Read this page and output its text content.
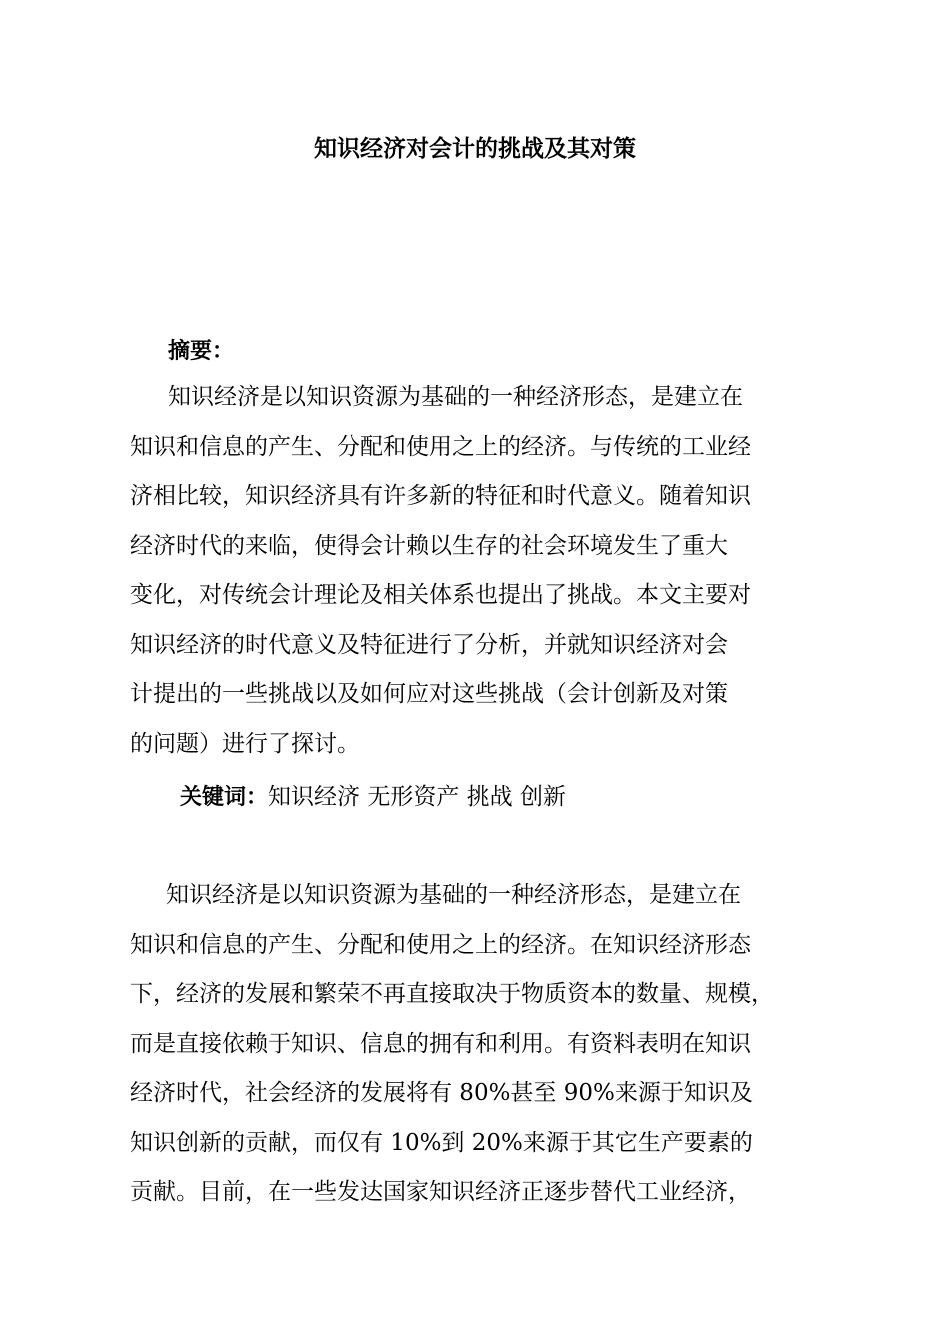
知识经济对会计的挑战及其对策
摘要：
知识经济是以知识资源为基础的一种经济形态，是建立在
知识和信息的产生、分配和使用之上的经济。与传统的工业经
济相比较，知识经济具有许多新的特征和时代意义。随着知识
经济时代的来临，使得会计赖以生存的社会环境发生了重大
变化，对传统会计理论及相关体系也提出了挑战。本文主要对
知识经济的时代意义及特征进行了分析，并就知识经济对会
计提出的一些挑战以及如何应对这些挑战（会计创新及对策
的问题）进行了探讨。
关键词：知识经济 无形资产 挑战 创新
知识经济是以知识资源为基础的一种经济形态，是建立在
知识和信息的产生、分配和使用之上的经济。在知识经济形态
下，经济的发展和繁荣不再直接取决于物质资本的数量、规模，
而是直接依赖于知识、信息的拥有和利用。有资料表明在知识
经济时代，社会经济的发展将有 80%甚至 90%来源于知识及
知识创新的贡献，而仅有 10%到 20%来源于其它生产要素的
贡献。目前，在一些发达国家知识经济正逐步替代工业经济，
